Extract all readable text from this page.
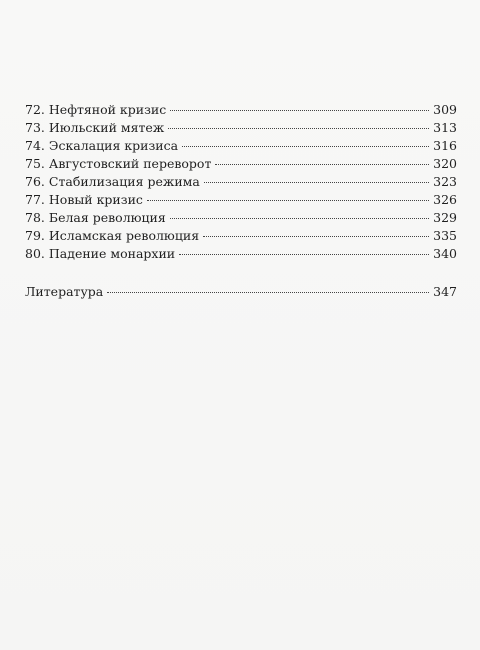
72. Нефтяной кризис	309
73. Июльский мятеж	313
74. Эскалация кризиса	316
75. Августовский переворот	320
76. Стабилизация режима	323
77. Новый кризис	326
78. Белая революция	329
79. Исламская революция	335
80. Падение монархии	340
Литература	347
